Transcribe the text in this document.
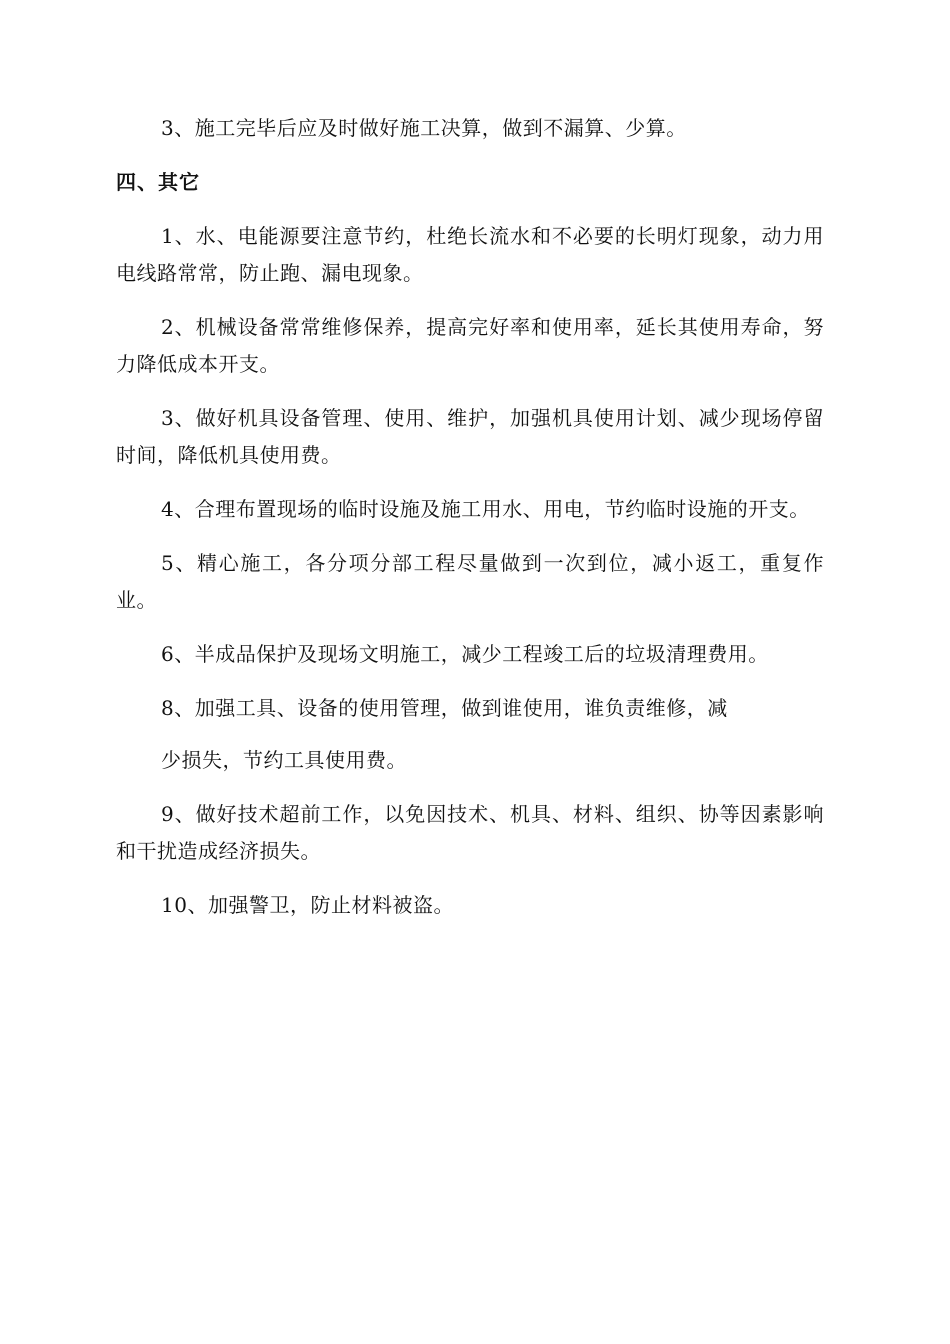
3、施工完毕后应及时做好施工决算，做到不漏算、少算。

四、其它

1、水、电能源要注意节约，杜绝长流水和不必要的长明灯现象，动力用电线路常常，防止跑、漏电现象。

2、机械设备常常维修保养，提高完好率和使用率，延长其使用寿命，努力降低成本开支。

3、做好机具设备管理、使用、维护，加强机具使用计划、减少现场停留时间，降低机具使用费。

4、合理布置现场的临时设施及施工用水、用电，节约临时设施的开支。

5、精心施工，各分项分部工程尽量做到一次到位，减小返工，重复作业。

6、半成品保护及现场文明施工，减少工程竣工后的垃圾清理费用。

8、加强工具、设备的使用管理，做到谁使用，谁负责维修，减

少损失，节约工具使用费。

9、做好技术超前工作，以免因技术、机具、材料、组织、协等因素影响和干扰造成经济损失。

10、加强警卫，防止材料被盗。
